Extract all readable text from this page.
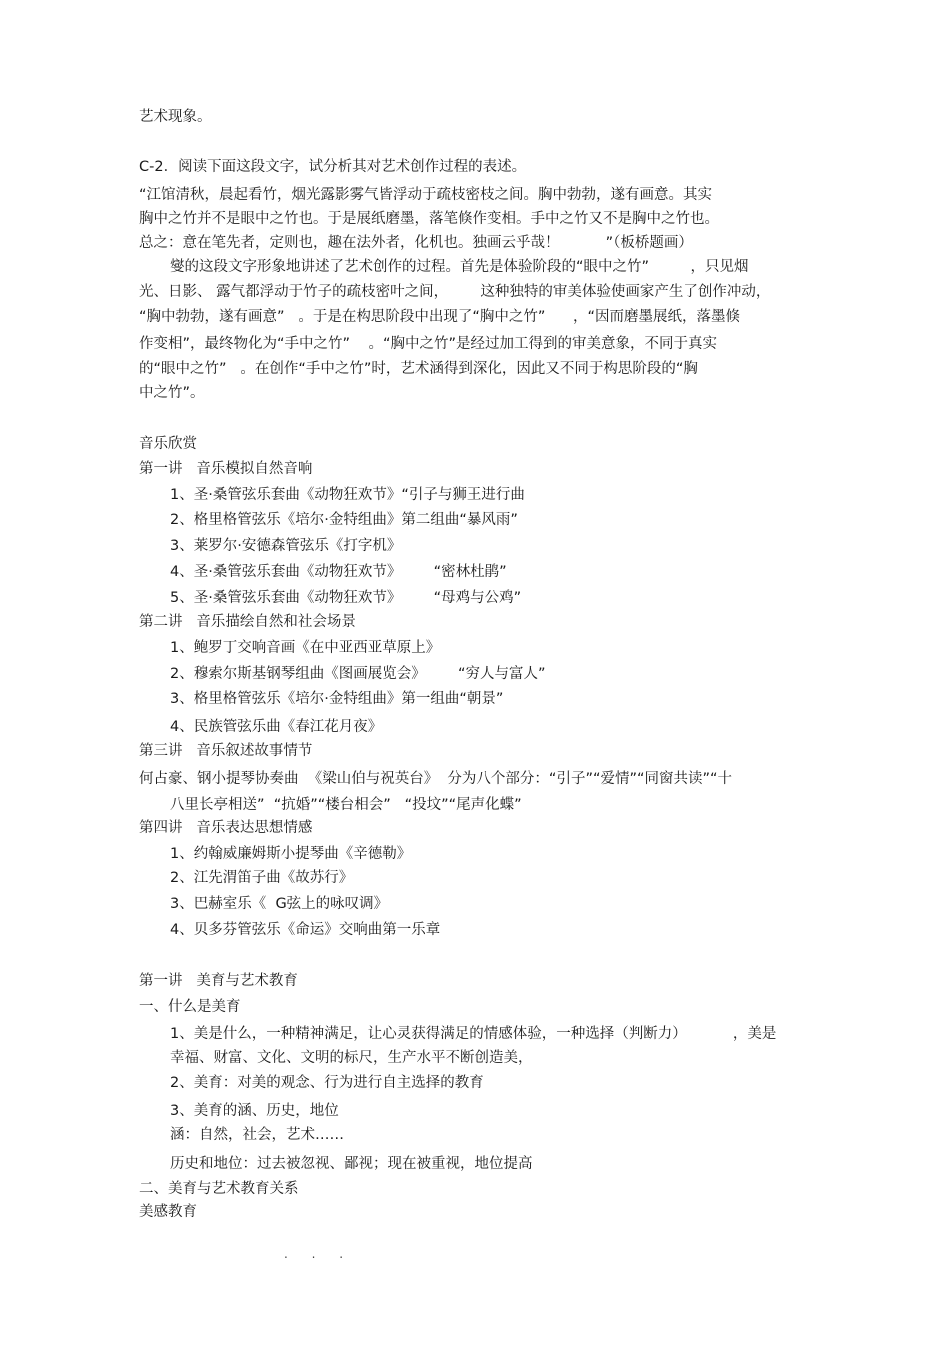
艺术现象。
C-2．阅读下面这段文字，试分析其对艺术创作过程的表述。
“江馆清秋，晨起看竹，烟光露影雾气皆浮动于疏枝密枝之间。胸中勃勃，遂有画意。其实
胸中之竹并不是眼中之竹也。于是展纸磨墨，落笔倏作变相。手中之竹又不是胸中之竹也。
总之：意在笔先者，定则也，趣在法外者，化机也。独画云乎哉！          ”（板桥题画）
燮的这段文字形象地讲述了艺术创作的过程。首先是体验阶段的“眼中之竹”         ，只见烟
光、日影、 露气都浮动于竹子的疏枝密叶之间，       这种独特的审美体验使画家产生了创作冲动，
“胸中勃勃，遂有画意”   。于是在构思阶段中出现了“胸中之竹”      ，“因而磨墨展纸，落墨倏
作变相”，最终物化为“手中之竹”    。“胸中之竹”是经过加工得到的审美意象，不同于真实
的“眼中之竹”   。在创作“手中之竹”时，艺术涵得到深化，因此又不同于构思阶段的“胸
中之竹”。
音乐欣赏
第一讲   音乐模拟自然音响
1、圣·桑管弦乐套曲《动物狂欢节》“引子与狮王进行曲
2、格里格管弦乐《培尔·金特组曲》第二组曲“暴风雨”
3、莱罗尔·安德森管弦乐《打字机》
4、圣·桑管弦乐套曲《动物狂欢节》       “密林杜鹃”
5、圣·桑管弦乐套曲《动物狂欢节》       “母鸡与公鸡”
第二讲   音乐描绘自然和社会场景
1、鲍罗丁交响音画《在中亚西亚草原上》
2、穆索尔斯基钢琴组曲《图画展览会》       “穷人与富人”
3、格里格管弦乐《培尔·金特组曲》第一组曲“朝景”
4、民族管弦乐曲《春江花月夜》
第三讲   音乐叙述故事情节
何占豪、钢小提琴协奏曲  《梁山伯与祝英台》  分为八个部分：“引子”“爱情”“同窗共读”“十
八里长亭相送”  “抗婚”“楼台相会”   “投坟”“尾声化蝶”
第四讲   音乐表达思想情感
1、约翰威廉姆斯小提琴曲《辛德勒》
2、江先渭笛子曲《故苏行》
3、巴赫室乐《  G弦上的咏叹调》
4、贝多芬管弦乐《命运》交响曲第一乐章
第一讲   美育与艺术教育
一、什么是美育
1、美是什么，一种精神满足，让心灵获得满足的情感体验，一种选择（判断力）          ，美是
幸福、财富、文化、文明的标尺，生产水平不断创造美，
2、美育：对美的观念、行为进行自主选择的教育
3、美育的涵、历史，地位
涵：自然，社会，艺术……
历史和地位：过去被忽视、鄙视；现在被重视，地位提高
二、美育与艺术教育关系
美感教育
. . .
